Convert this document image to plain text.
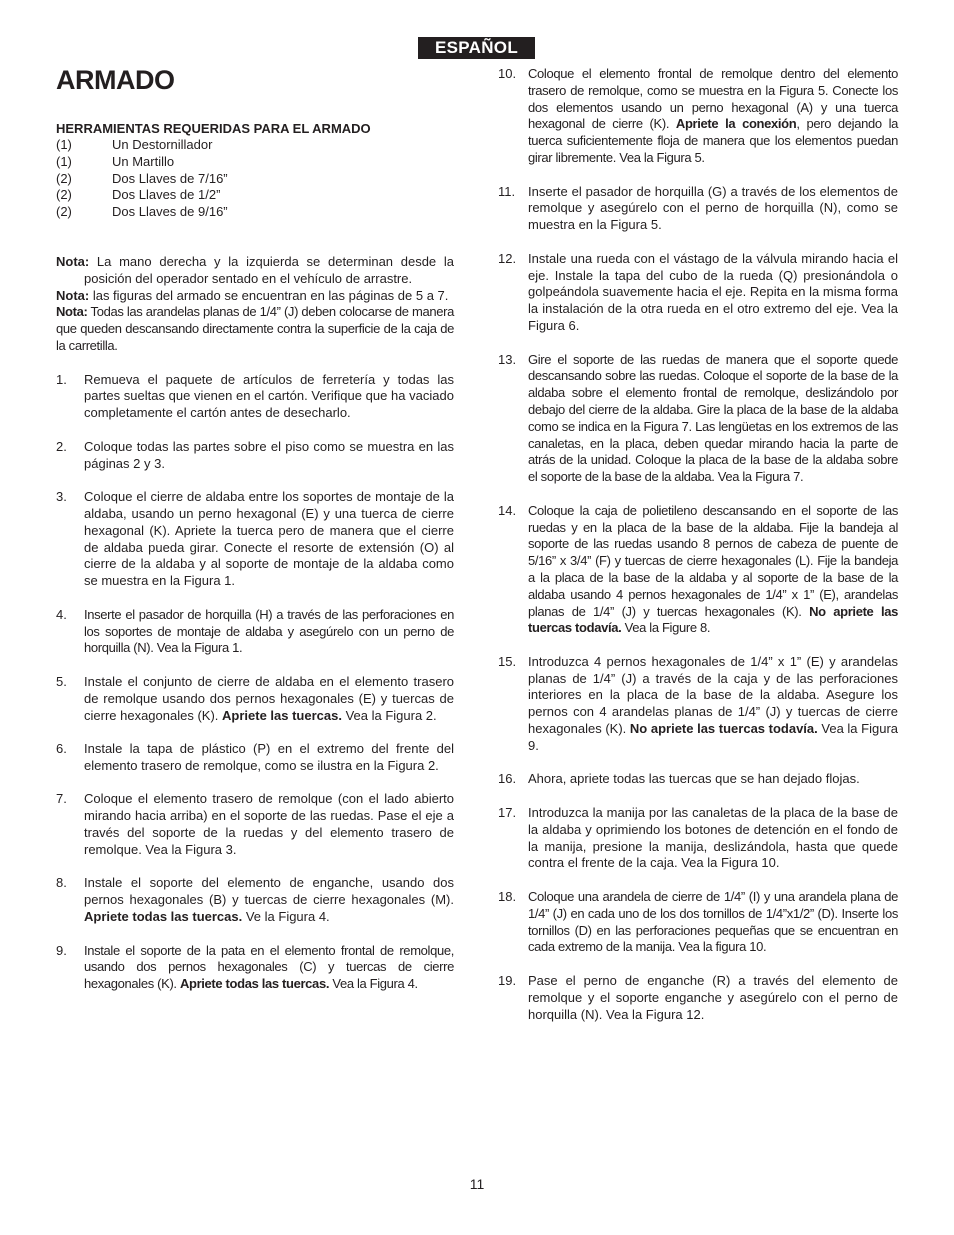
ESPAÑOL
ARMADO

HERRAMIENTAS REQUERIDAS PARA EL ARMADO

(1)	Un Destornillador
(1)	Un Martillo
(2)	Dos Llaves de 7/16”
(2)	Dos Llaves de 1/2”
(2)	Dos Llaves de 9/16”

Nota: La mano derecha y la izquierda se determinan desde la posición del operador sentado en el vehículo de arrastre.

Nota: las figuras del armado se encuentran en las páginas de 5 a 7.

Nota: Todas las arandelas planas de 1/4” (J) deben colocarse de manera que queden descansando directamente contra la superficie de la caja de la carretilla.

1.	Remueva el paquete de artículos de ferretería y todas las partes sueltas que vienen en el cartón. Verifique que ha vaciado completamente el cartón antes de desecharlo.
2.	Coloque todas las partes sobre el piso como se muestra en las páginas 2 y 3.
3.	Coloque el cierre de aldaba entre los soportes de montaje de la aldaba, usando un perno hexagonal (E) y una tuerca de cierre hexagonal (K). Apriete la tuerca pero de manera que el cierre de aldaba pueda girar. Conecte el resorte de extensión (O) al cierre de la aldaba y al soporte de montaje de la aldaba como se muestra en la Figura 1.
4.	Inserte el pasador de horquilla (H) a través de las perforaciones en los soportes de montaje de aldaba y asegúrelo con un perno de horquilla (N). Vea la Figura 1.
5.	Instale el conjunto de cierre de aldaba en el elemento trasero de remolque usando dos pernos hexagonales (E) y tuercas de cierre hexagonales (K). Apriete las tuercas. Vea la Figura 2.
6.	Instale la tapa de plástico (P) en el extremo del frente del elemento trasero de remolque, como se ilustra en la Figura 2.
7.	Coloque el elemento trasero de remolque (con el lado abierto mirando hacia arriba) en el soporte de las ruedas. Pase el eje a través del soporte de la ruedas y del elemento trasero de remolque. Vea la Figura 3.
8.	Instale el soporte del elemento de enganche, usando dos pernos hexagonales (B) y tuercas de cierre hexagonales (M). Apriete todas las tuercas. Ve la Figura 4.
9.	Instale el soporte de la pata en el elemento frontal de remolque, usando dos pernos hexagonales (C) y tuercas de cierre hexagonales (K). Apriete todas las tuercas. Vea la Figura 4.
10. Coloque el elemento frontal de remolque dentro del elemento trasero de remolque, como se muestra en la Figura 5. Conecte los dos elementos usando un perno hexagonal (A) y una tuerca hexagonal de cierre (K). Apriete la conexión, pero dejando la tuerca suficientemente floja de manera que los elementos puedan girar libremente. Vea la Figura 5.
11. Inserte el pasador de horquilla (G) a través de los elementos de remolque y asegúrelo con el perno de horquilla (N), como se muestra en la Figura 5.
12. Instale una rueda con el vástago de la válvula mirando hacia el eje. Instale la tapa del cubo de la rueda (Q) presionándola o golpeándola suavemente hacia el eje. Repita en la misma forma la instalación de la otra rueda en el otro extremo del eje. Vea la Figura 6.
13. Gire el soporte de las ruedas de manera que el soporte quede descansando sobre las ruedas. Coloque el soporte de la base de la aldaba sobre el elemento frontal de remolque, deslizándolo por debajo del cierre de la aldaba. Gire la placa de la base de la aldaba como se indica en la Figura 7. Las lengüetas en los extremos de las canaletas, en la placa, deben quedar mirando hacia la parte de atrás de la unidad. Coloque la placa de la base de la aldaba sobre el soporte de la base de la aldaba. Vea la Figura 7.
14. Coloque la caja de polietileno descansando en el soporte de las ruedas y en la placa de la base de la aldaba. Fije la bandeja al soporte de las ruedas usando 8 pernos de cabeza de puente de 5/16” x 3/4” (F) y tuercas de cierre hexagonales (L). Fije la bandeja a la placa de la base de la aldaba y al soporte de la base de la aldaba usando 4 pernos hexagonales de 1/4” x 1” (E), arandelas planas de 1/4” (J) y tuercas hexagonales (K). No apriete las tuercas todavía. Vea la Figure 8.
15. Introduzca 4 pernos hexagonales de 1/4” x 1” (E) y arandelas planas de 1/4” (J) a través de la caja y de las perforaciones interiores en la placa de la base de la aldaba. Asegure los pernos con 4 arandelas planas de 1/4” (J) y tuercas de cierre hexagonales (K). No apriete las tuercas todavía. Vea la Figura 9.
16. Ahora, apriete todas las tuercas que se han dejado flojas.
17. Introduzca la manija por las canaletas de la placa de la base de la aldaba y oprimiendo los botones de detención en el fondo de la manija, presione la manija, deslizándola, hasta que quede contra el frente de la caja. Vea la Figura 10.
18. Coloque una arandela de cierre de 1/4” (I) y una arandela plana de 1/4” (J) en cada uno de los dos tornillos de 1/4”x1/2” (D). Inserte los tornillos (D) en las perforaciones pequeñas que se encuentran en cada extremo de la manija. Vea la figura 10.
19. Pase el perno de enganche (R) a través del elemento de remolque y el soporte enganche y asegúrelo con el perno de horquilla (N). Vea la Figura 12.
11
